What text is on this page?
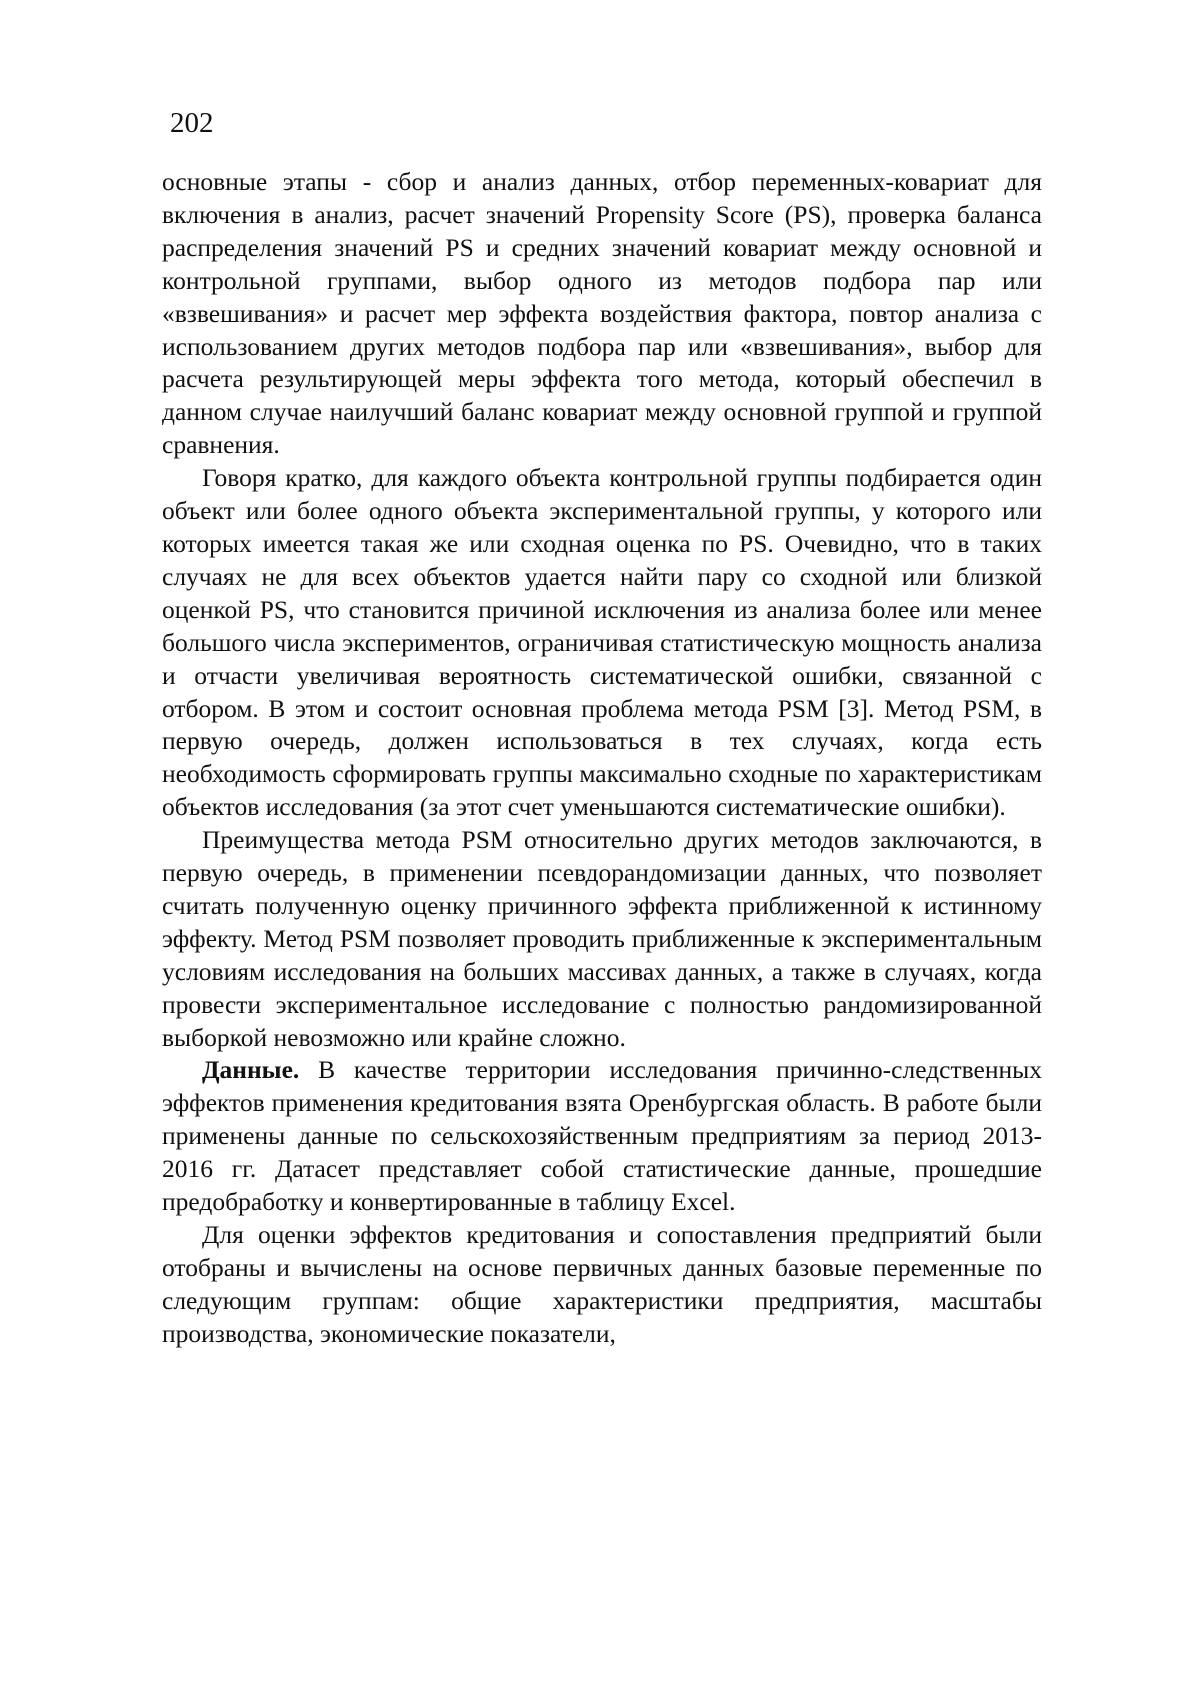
202

основные этапы - сбор и анализ данных, отбор переменных-ковариат для включения в анализ, расчет значений Propensity Score (PS), проверка баланса распределения значений PS и средних значений ковариат между основной и контрольной группами, выбор одного из методов подбора пар или «взвешивания» и расчет мер эффекта воздействия фактора, повтор анализа с использованием других методов подбора пар или «взвешивания», выбор для расчета результирующей меры эффекта того метода, который обеспечил в данном случае наилучший баланс ковариат между основной группой и группой сравнения.

Говоря кратко, для каждого объекта контрольной группы подбирается один объект или более одного объекта экспериментальной группы, у которого или которых имеется такая же или сходная оценка по PS. Очевидно, что в таких случаях не для всех объектов удается найти пару со сходной или близкой оценкой PS, что становится причиной исключения из анализа более или менее большого числа экспериментов, ограничивая статистическую мощность анализа и отчасти увеличивая вероятность систематической ошибки, связанной с отбором. В этом и состоит основная проблема метода PSM [3]. Метод PSM, в первую очередь, должен использоваться в тех случаях, когда есть необходимость сформировать группы максимально сходные по характеристикам объектов исследования (за этот счет уменьшаются систематические ошибки).

Преимущества метода PSM относительно других методов заключаются, в первую очередь, в применении псевдорандомизации данных, что позволяет считать полученную оценку причинного эффекта приближенной к истинному эффекту. Метод PSM позволяет проводить приближенные к экспериментальным условиям исследования на больших массивах данных, а также в случаях, когда провести экспериментальное исследование с полностью рандомизированной выборкой невозможно или крайне сложно.

Данные. В качестве территории исследования причинно-следственных эффектов применения кредитования взята Оренбургская область. В работе были применены данные по сельскохозяйственным предприятиям за период 2013-2016 гг. Датасет представляет собой статистические данные, прошедшие предобработку и конвертированные в таблицу Excel.

Для оценки эффектов кредитования и сопоставления предприятий были отобраны и вычислены на основе первичных данных базовые переменные по следующим группам: общие характеристики предприятия, масштабы производства, экономические показатели,
